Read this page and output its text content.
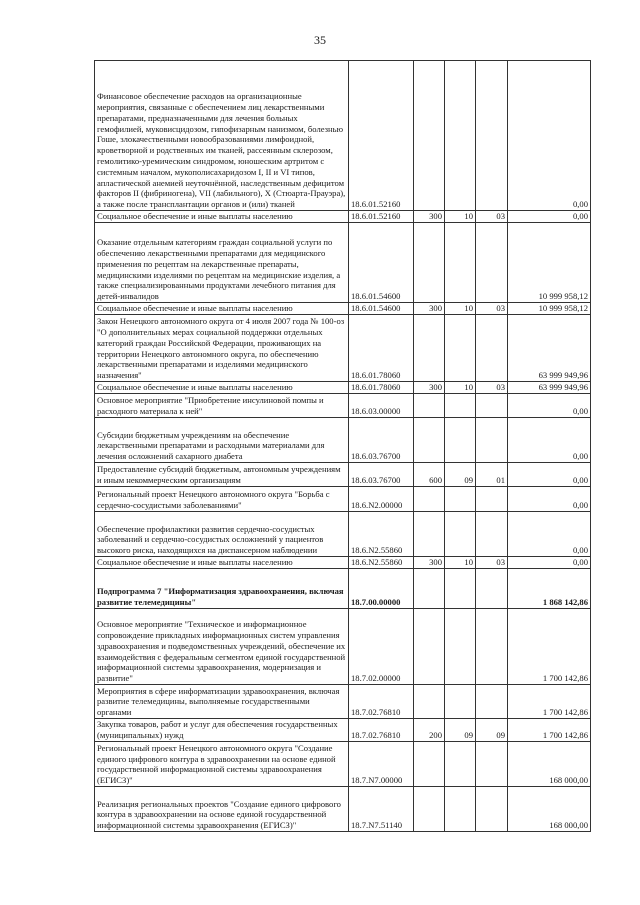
35
Финансовое обеспечение расходов на организационные мероприятия, связанные с обеспечением лиц лекарственными препаратами, предназначенными для лечения больных гемофилией, муковисцидозом, гипофизарным нанизмом, болезнью Гоше, злокачественными новообразованиями лимфоидной, кроветворной и родственных им тканей, рассеянным склерозом, гемолитико-уремическим синдромом, юношеским артритом с системным началом, мукополисахаридозом I, II и VI типов, апластической анемией неуточнённой, наследственным дефицитом факторов II (фибриногена), VII (лабильного), X (Стюарта-Прауэра), а также после трансплантации органов и (или) тканей	18.6.01.52160				0,00
Социальное обеспечение и иные выплаты населению	18.6.01.52160	300	10	03	0,00
Оказание отдельным категориям граждан социальной услуги по обеспечению лекарственными препаратами для медицинского применения по рецептам на лекарственные препараты, медицинскими изделиями по рецептам на медицинские изделия, а также специализированными продуктами лечебного питания для детей-инвалидов	18.6.01.54600				10 999 958,12
Социальное обеспечение и иные выплаты населению	18.6.01.54600	300	10	03	10 999 958,12
Закон Ненецкого автономного округа от 4 июля 2007 года № 100-оз "О дополнительных мерах социальной поддержки отдельных категорий граждан Российской Федерации, проживающих на территории Ненецкого автономного округа, по обеспечению лекарственными препаратами и изделиями медицинского назначения"	18.6.01.78060				63 999 949,96
Социальное обеспечение и иные выплаты населению	18.6.01.78060	300	10	03	63 999 949,96
Основное мероприятие "Приобретение инсулиновой помпы и расходного материала к ней"	18.6.03.00000				0,00
Субсидии бюджетным учреждениям на обеспечение лекарственными препаратами и расходными материалами для лечения осложнений сахарного диабета	18.6.03.76700				0,00
Предоставление субсидий бюджетным, автономным учреждениям и иным некоммерческим организациям	18.6.03.76700	600	09	01	0,00
Региональный проект Ненецкого автономного округа "Борьба с сердечно-сосудистыми заболеваниями"	18.6.N2.00000				0,00
Обеспечение профилактики развития сердечно-сосудистых заболеваний и сердечно-сосудистых осложнений у пациентов высокого риска, находящихся на диспансерном наблюдении	18.6.N2.55860				0,00
Социальное обеспечение и иные выплаты населению	18.6.N2.55860	300	10	03	0,00
Подпрограмма 7 "Информатизация здравоохранения, включая развитие телемедицины"	18.7.00.00000				1 868 142,86
Основное мероприятие "Техническое и информационное сопровождение прикладных информационных систем управления здравоохранения и подведомственных учреждений, обеспечение их взаимодействия с федеральным сегментом единой государственной информационной системы здравоохранения, модернизация и развитие"	18.7.02.00000				1 700 142,86
Мероприятия в сфере информатизации здравоохранения, включая развитие телемедицины, выполняемые государственными органами	18.7.02.76810				1 700 142,86
Закупка товаров, работ и услуг для обеспечения государственных (муниципальных) нужд	18.7.02.76810	200	09	09	1 700 142,86
Региональный проект Ненецкого автономного округа "Создание единого цифрового контура в здравоохранении на основе единой государственной информационной системы здравоохранения (ЕГИСЗ)"	18.7.N7.00000				168 000,00
Реализация региональных проектов "Создание единого цифрового контура в здравоохранении на основе единой государственной информационной системы здравоохранения (ЕГИСЗ)"	18.7.N7.51140				168 000,00
